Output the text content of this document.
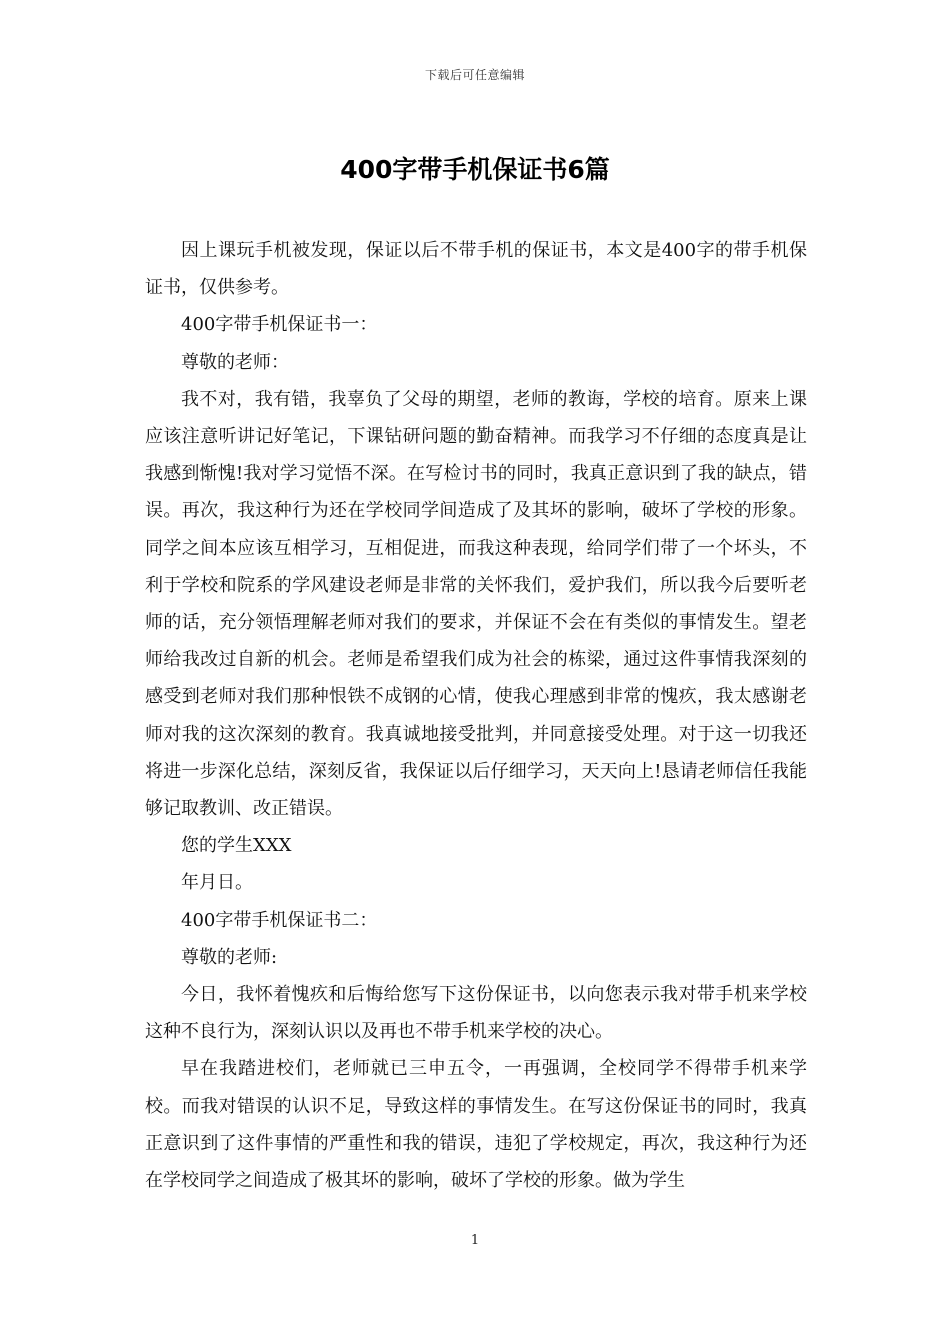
下载后可任意编辑
400字带手机保证书6篇

因上课玩手机被发现，保证以后不带手机的保证书，本文是400字的带手机保证书，仅供参考。

400字带手机保证书一：

尊敬的老师：

我不对，我有错，我辜负了父母的期望，老师的教诲，学校的培育。原来上课应该注意听讲记好笔记，下课钻研问题的勤奋精神。而我学习不仔细的态度真是让我感到惭愧!我对学习觉悟不深。在写检讨书的同时，我真正意识到了我的缺点，错误。再次，我这种行为还在学校同学间造成了及其坏的影响，破坏了学校的形象。同学之间本应该互相学习，互相促进，而我这种表现，给同学们带了一个坏头，不利于学校和院系的学风建设老师是非常的关怀我们，爱护我们，所以我今后要听老师的话，充分领悟理解老师对我们的要求，并保证不会在有类似的事情发生。望老师给我改过自新的机会。老师是希望我们成为社会的栋梁，通过这件事情我深刻的感受到老师对我们那种恨铁不成钢的心情，使我心理感到非常的愧疚，我太感谢老师对我的这次深刻的教育。我真诚地接受批判，并同意接受处理。对于这一切我还将进一步深化总结，深刻反省，我保证以后仔细学习，天天向上!恳请老师信任我能够记取教训、改正错误。

您的学生XXX

年月日。

400字带手机保证书二：

尊敬的老师:

今日，我怀着愧疚和后悔给您写下这份保证书，以向您表示我对带手机来学校这种不良行为，深刻认识以及再也不带手机来学校的决心。

早在我踏进校们，老师就已三申五令，一再强调，全校同学不得带手机来学校。而我对错误的认识不足，导致这样的事情发生。在写这份保证书的同时，我真正意识到了这件事情的严重性和我的错误，违犯了学校规定，再次，我这种行为还在学校同学之间造成了极其坏的影响，破坏了学校的形象。做为学生

1
